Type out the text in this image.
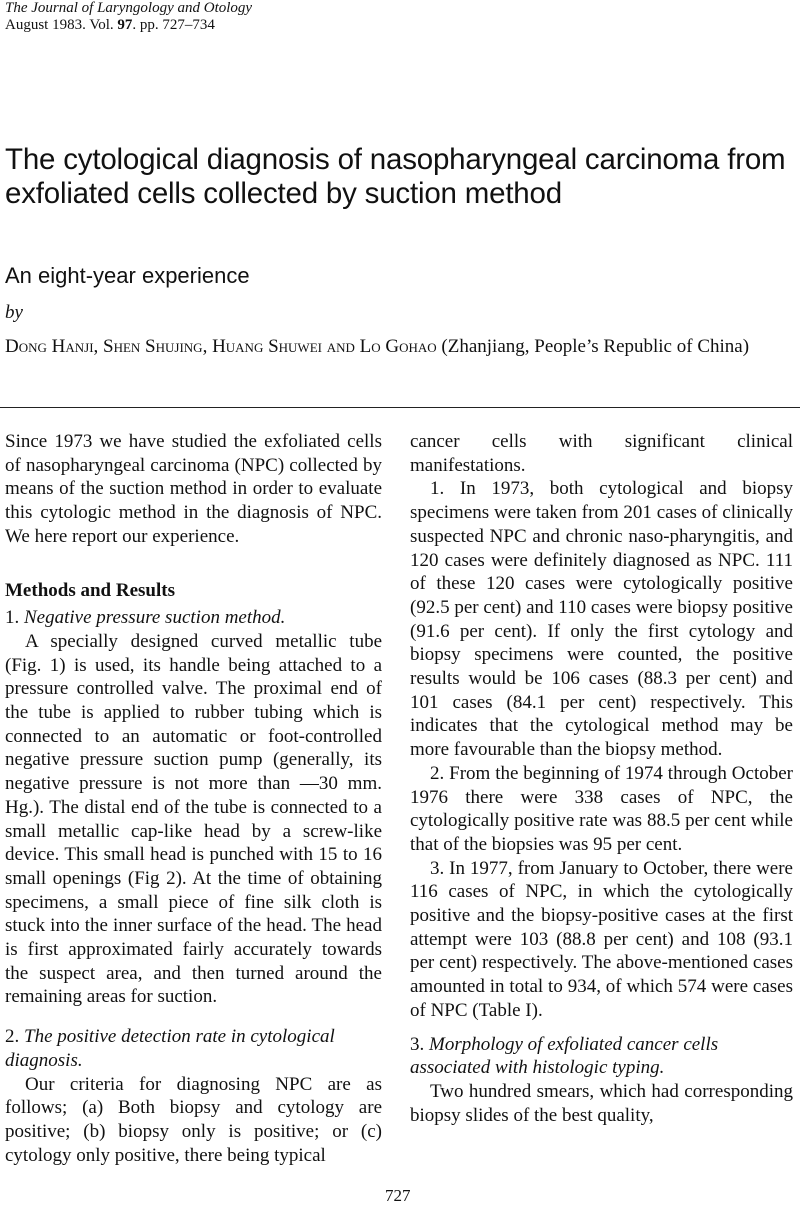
The Journal of Laryngology and Otology
August 1983. Vol. 97. pp. 727–734
The cytological diagnosis of nasopharyngeal carcinoma from exfoliated cells collected by suction method
An eight-year experience
by
Dong Hanji, Shen Shujing, Huang Shuwei and Lo Gohao (Zhanjiang, People’s Republic of China)

Since 1973 we have studied the exfoliated cells of nasopharyngeal carcinoma (NPC) collected by means of the suction method in order to evaluate this cytologic method in the diagnosis of NPC. We here report our experience.

Methods and Results

1. Negative pressure suction method.

A specially designed curved metallic tube (Fig. 1) is used, its handle being attached to a pressure controlled valve. The proximal end of the tube is applied to rubber tubing which is connected to an automatic or foot-controlled negative pressure suction pump (generally, its negative pressure is not more than —30 mm. Hg.). The distal end of the tube is connected to a small metallic cap-like head by a screw-like device. This small head is punched with 15 to 16 small openings (Fig 2). At the time of obtaining specimens, a small piece of fine silk cloth is stuck into the inner surface of the head. The head is first approximated fairly accurately towards the suspect area, and then turned around the remaining areas for suction.

2. The positive detection rate in cytological diagnosis.

Our criteria for diagnosing NPC are as follows; (a) Both biopsy and cytology are positive; (b) biopsy only is positive; or (c) cytology only positive, there being typical

cancer cells with significant clinical manifestations.

1. In 1973, both cytological and biopsy specimens were taken from 201 cases of clinically suspected NPC and chronic naso-pharyngitis, and 120 cases were definitely diagnosed as NPC. 111 of these 120 cases were cytologically positive (92.5 per cent) and 110 cases were biopsy positive (91.6 per cent). If only the first cytology and biopsy specimens were counted, the positive results would be 106 cases (88.3 per cent) and 101 cases (84.1 per cent) respectively. This indicates that the cytological method may be more favourable than the biopsy method.

2. From the beginning of 1974 through October 1976 there were 338 cases of NPC, the cytologically positive rate was 88.5 per cent while that of the biopsies was 95 per cent.

3. In 1977, from January to October, there were 116 cases of NPC, in which the cytologically positive and the biopsy-positive cases at the first attempt were 103 (88.8 per cent) and 108 (93.1 per cent) respectively. The above-mentioned cases amounted in total to 934, of which 574 were cases of NPC (Table I).

3. Morphology of exfoliated cancer cells associated with histologic typing.

Two hundred smears, which had corresponding biopsy slides of the best quality,

727
